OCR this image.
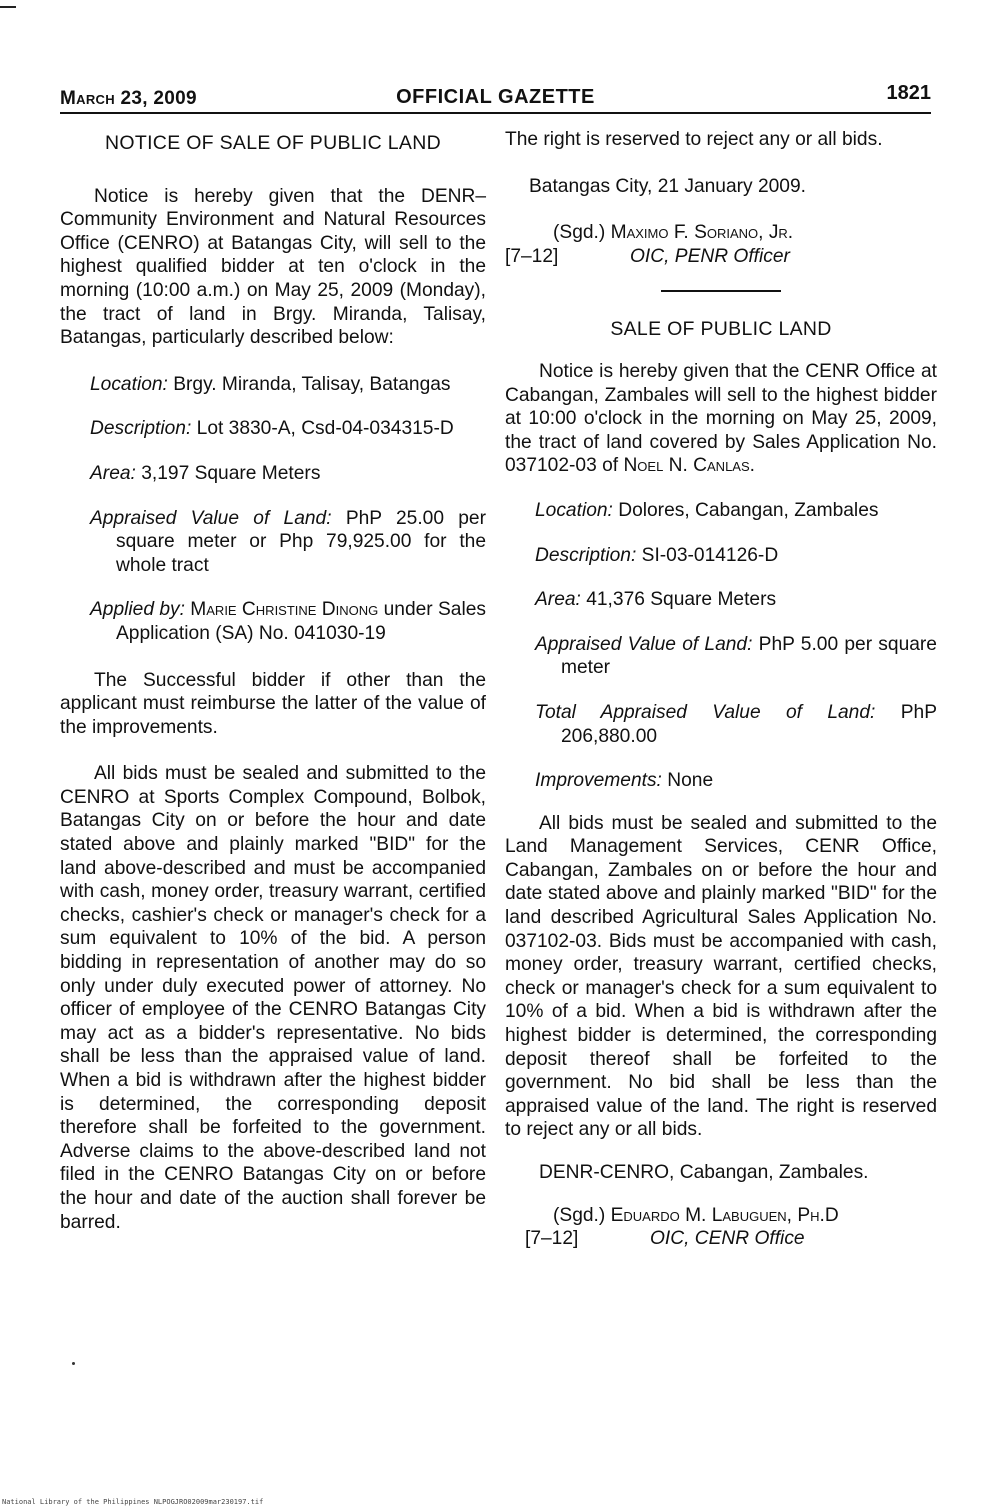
March 23, 2009	OFFICIAL GAZETTE	1821

NOTICE OF SALE OF PUBLIC LAND

Notice is hereby given that the DENR–Community Environment and Natural Resources Office (CENRO) at Batangas City, will sell to the highest qualified bidder at ten o'clock in the morning (10:00 a.m.) on May 25, 2009 (Monday), the tract of land in Brgy. Miranda, Talisay, Batangas, particularly described below:

Location: Brgy. Miranda, Talisay, Batangas

Description: Lot 3830-A, Csd-04-034315-D

Area: 3,197 Square Meters

Appraised Value of Land: PhP 25.00 per square meter or Php 79,925.00 for the whole tract

Applied by: Marie Christine Dinong under Sales Application (SA) No. 041030-19

The Successful bidder if other than the applicant must reimburse the latter of the value of the improvements.

All bids must be sealed and submitted to the CENRO at Sports Complex Compound, Bolbok, Batangas City on or before the hour and date stated above and plainly marked "BID" for the land above-described and must be accompanied with cash, money order, treasury warrant, certified checks, cashier's check or manager's check for a sum equivalent to 10% of the bid. A person bidding in representation of another may do so only under duly executed power of attorney. No officer of employee of the CENRO Batangas City may act as a bidder's representative. No bids shall be less than the appraised value of land. When a bid is withdrawn after the highest bidder is determined, the corresponding deposit therefore shall be forfeited to the government. Adverse claims to the above-described land not filed in the CENRO Batangas City on or before the hour and date of the auction shall forever be barred.

The right is reserved to reject any or all bids.

Batangas City, 21 January 2009.

(Sgd.) Maximo F. Soriano, Jr.
[7–12]	OIC, PENR Officer

SALE OF PUBLIC LAND

Notice is hereby given that the CENR Office at Cabangan, Zambales will sell to the highest bidder at 10:00 o'clock in the morning on May 25, 2009, the tract of land covered by Sales Application No. 037102-03 of Noel N. Canlas.

Location: Dolores, Cabangan, Zambales

Description: SI-03-014126-D

Area: 41,376 Square Meters

Appraised Value of Land: PhP 5.00 per square meter

Total Appraised Value of Land: PhP 206,880.00

Improvements: None

All bids must be sealed and submitted to the Land Management Services, CENR Office, Cabangan, Zambales on or before the hour and date stated above and plainly marked "BID" for the land described Agricultural Sales Application No. 037102-03. Bids must be accompanied with cash, money order, treasury warrant, certified checks, check or manager's check for a sum equivalent to 10% of a bid. When a bid is withdrawn after the highest bidder is determined, the corresponding deposit thereof shall be forfeited to the government. No bid shall be less than the appraised value of the land. The right is reserved to reject any or all bids.

DENR-CENRO, Cabangan, Zambales.

(Sgd.) Eduardo M. Labuguen, Ph.D
[7–12]	OIC, CENR Office
National Library of the Philippines NLPOGJRO02009mar230197.tif
